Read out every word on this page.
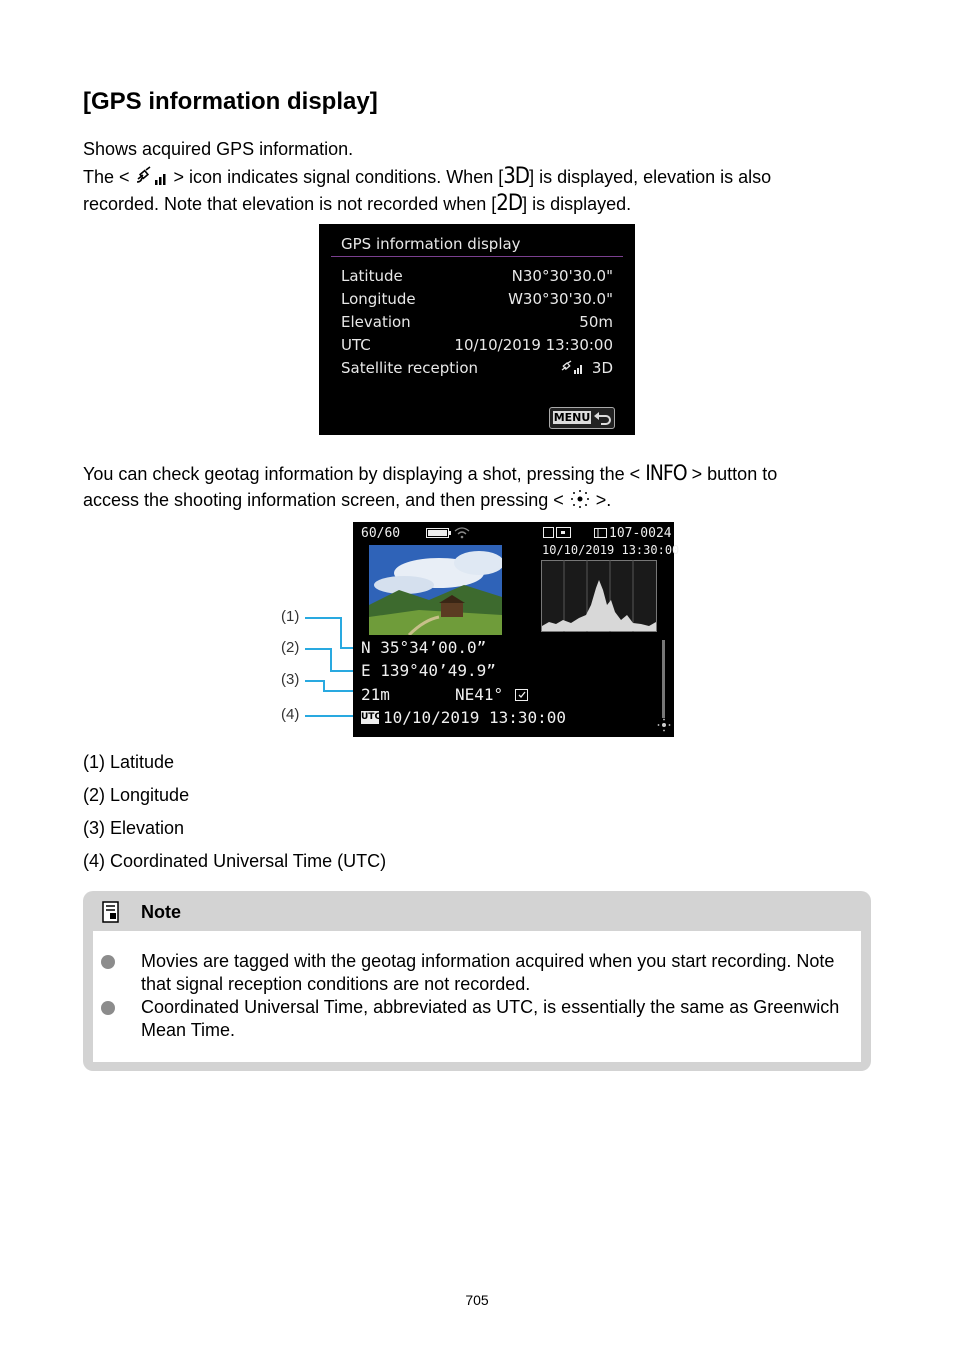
[GPS information display]
Shows acquired GPS information.
The <  > icon indicates signal conditions. When [3D] is displayed, elevation is also
recorded. Note that elevation is not recorded when [2D] is displayed.
GPS information display
Latitude	N30°30'30.0"
Longitude	W30°30'30.0"
Elevation	50m
UTC	10/10/2019 13:30:00
Satellite reception	3D
MENU
You can check geotag information by displaying a shot, pressing the < INFO > button to
access the shooting information screen, and then pressing <  >.
(1)
(2)
(3)
(4)
60/60	107-0024
10/10/2019 13:30:00
N 35°34’00.0”
E 139°40’49.9”
21m	NE41°
UTC 10/10/2019 13:30:00
(1) Latitude
(2) Longitude
(3) Elevation
(4) Coordinated Universal Time (UTC)
Note
Movies are tagged with the geotag information acquired when you start recording. Note that signal reception conditions are not recorded.
Coordinated Universal Time, abbreviated as UTC, is essentially the same as Greenwich Mean Time.
705
